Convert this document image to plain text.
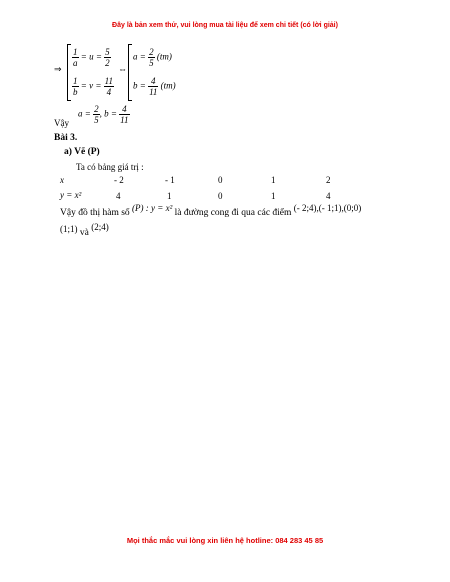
Đây là bản xem thử, vui lòng mua tài liệu để xem chi tiết (có lời giải)
⇒
$\frac{1}{a} = u = \frac{5}{2}$
$\frac{1}{b} = v = \frac{11}{4}$
⇔
$a = \frac{2}{5} (tm)$
$b = \frac{4}{11} (tm)$
Vậy
$a = \frac{2}{5}$ , $b = \frac{4}{11}$
Bài 3.
a) Vẽ (P)
Ta có bảng giá trị :
x	- 2	- 1	0	1	2
y = x²	4	1	0	1	4
Vậy đồ thị hàm số (P) : y = x² là đường cong đi qua các điểm (- 2;4),(- 1;1),(0;0)
(1;1) và (2;4)
Mọi thắc mắc vui lòng xin liên hệ hotline: 084 283 45 85
